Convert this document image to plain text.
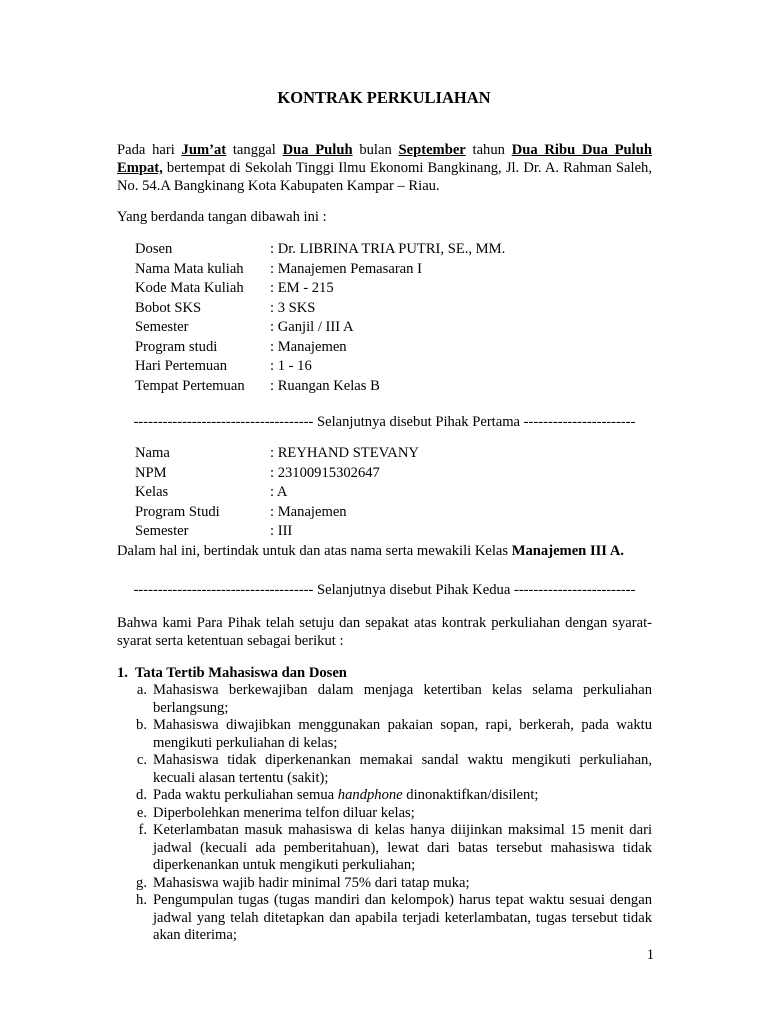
KONTRAK PERKULIAHAN
Pada hari Jum’at tanggal Dua Puluh bulan September tahun Dua Ribu Dua Puluh Empat, bertempat di Sekolah Tinggi Ilmu Ekonomi Bangkinang, Jl. Dr. A. Rahman Saleh, No. 54.A Bangkinang Kota Kabupaten Kampar – Riau.
Yang berdanda tangan dibawah ini :
Dosen	: Dr. LIBRINA TRIA PUTRI, SE., MM.
Nama Mata kuliah	: Manajemen Pemasaran I
Kode Mata Kuliah	: EM - 215
Bobot SKS	: 3 SKS
Semester	: Ganjil / III A
Program studi	: Manajemen
Hari Pertemuan	: 1 - 16
Tempat Pertemuan	: Ruangan Kelas B
------------------------------------- Selanjutnya disebut Pihak Pertama -----------------------
Nama	: REYHAND STEVANY
NPM	: 23100915302647
Kelas	: A
Program Studi	: Manajemen
Semester	: III
Dalam hal ini, bertindak untuk dan atas nama serta mewakili Kelas Manajemen III A.
------------------------------------- Selanjutnya disebut Pihak Kedua -------------------------
Bahwa kami Para Pihak telah setuju dan sepakat atas kontrak perkuliahan dengan syarat-syarat serta ketentuan sebagai berikut :
1. Tata Tertib Mahasiswa dan Dosen
a. Mahasiswa berkewajiban dalam menjaga ketertiban kelas selama perkuliahan berlangsung;
b. Mahasiswa diwajibkan menggunakan pakaian sopan, rapi, berkerah, pada waktu mengikuti perkuliahan di kelas;
c. Mahasiswa tidak diperkenankan memakai sandal waktu mengikuti perkuliahan, kecuali alasan tertentu (sakit);
d. Pada waktu perkuliahan semua handphone dinonaktifkan/disilent;
e. Diperbolehkan menerima telfon diluar kelas;
f. Keterlambatan masuk mahasiswa di kelas hanya diijinkan maksimal 15 menit dari jadwal (kecuali ada pemberitahuan), lewat dari batas tersebut mahasiswa tidak diperkenankan untuk mengikuti perkuliahan;
g. Mahasiswa wajib hadir minimal 75% dari tatap muka;
h. Pengumpulan tugas (tugas mandiri dan kelompok) harus tepat waktu sesuai dengan jadwal yang telah ditetapkan dan apabila terjadi keterlambatan, tugas tersebut tidak akan diterima;
1
